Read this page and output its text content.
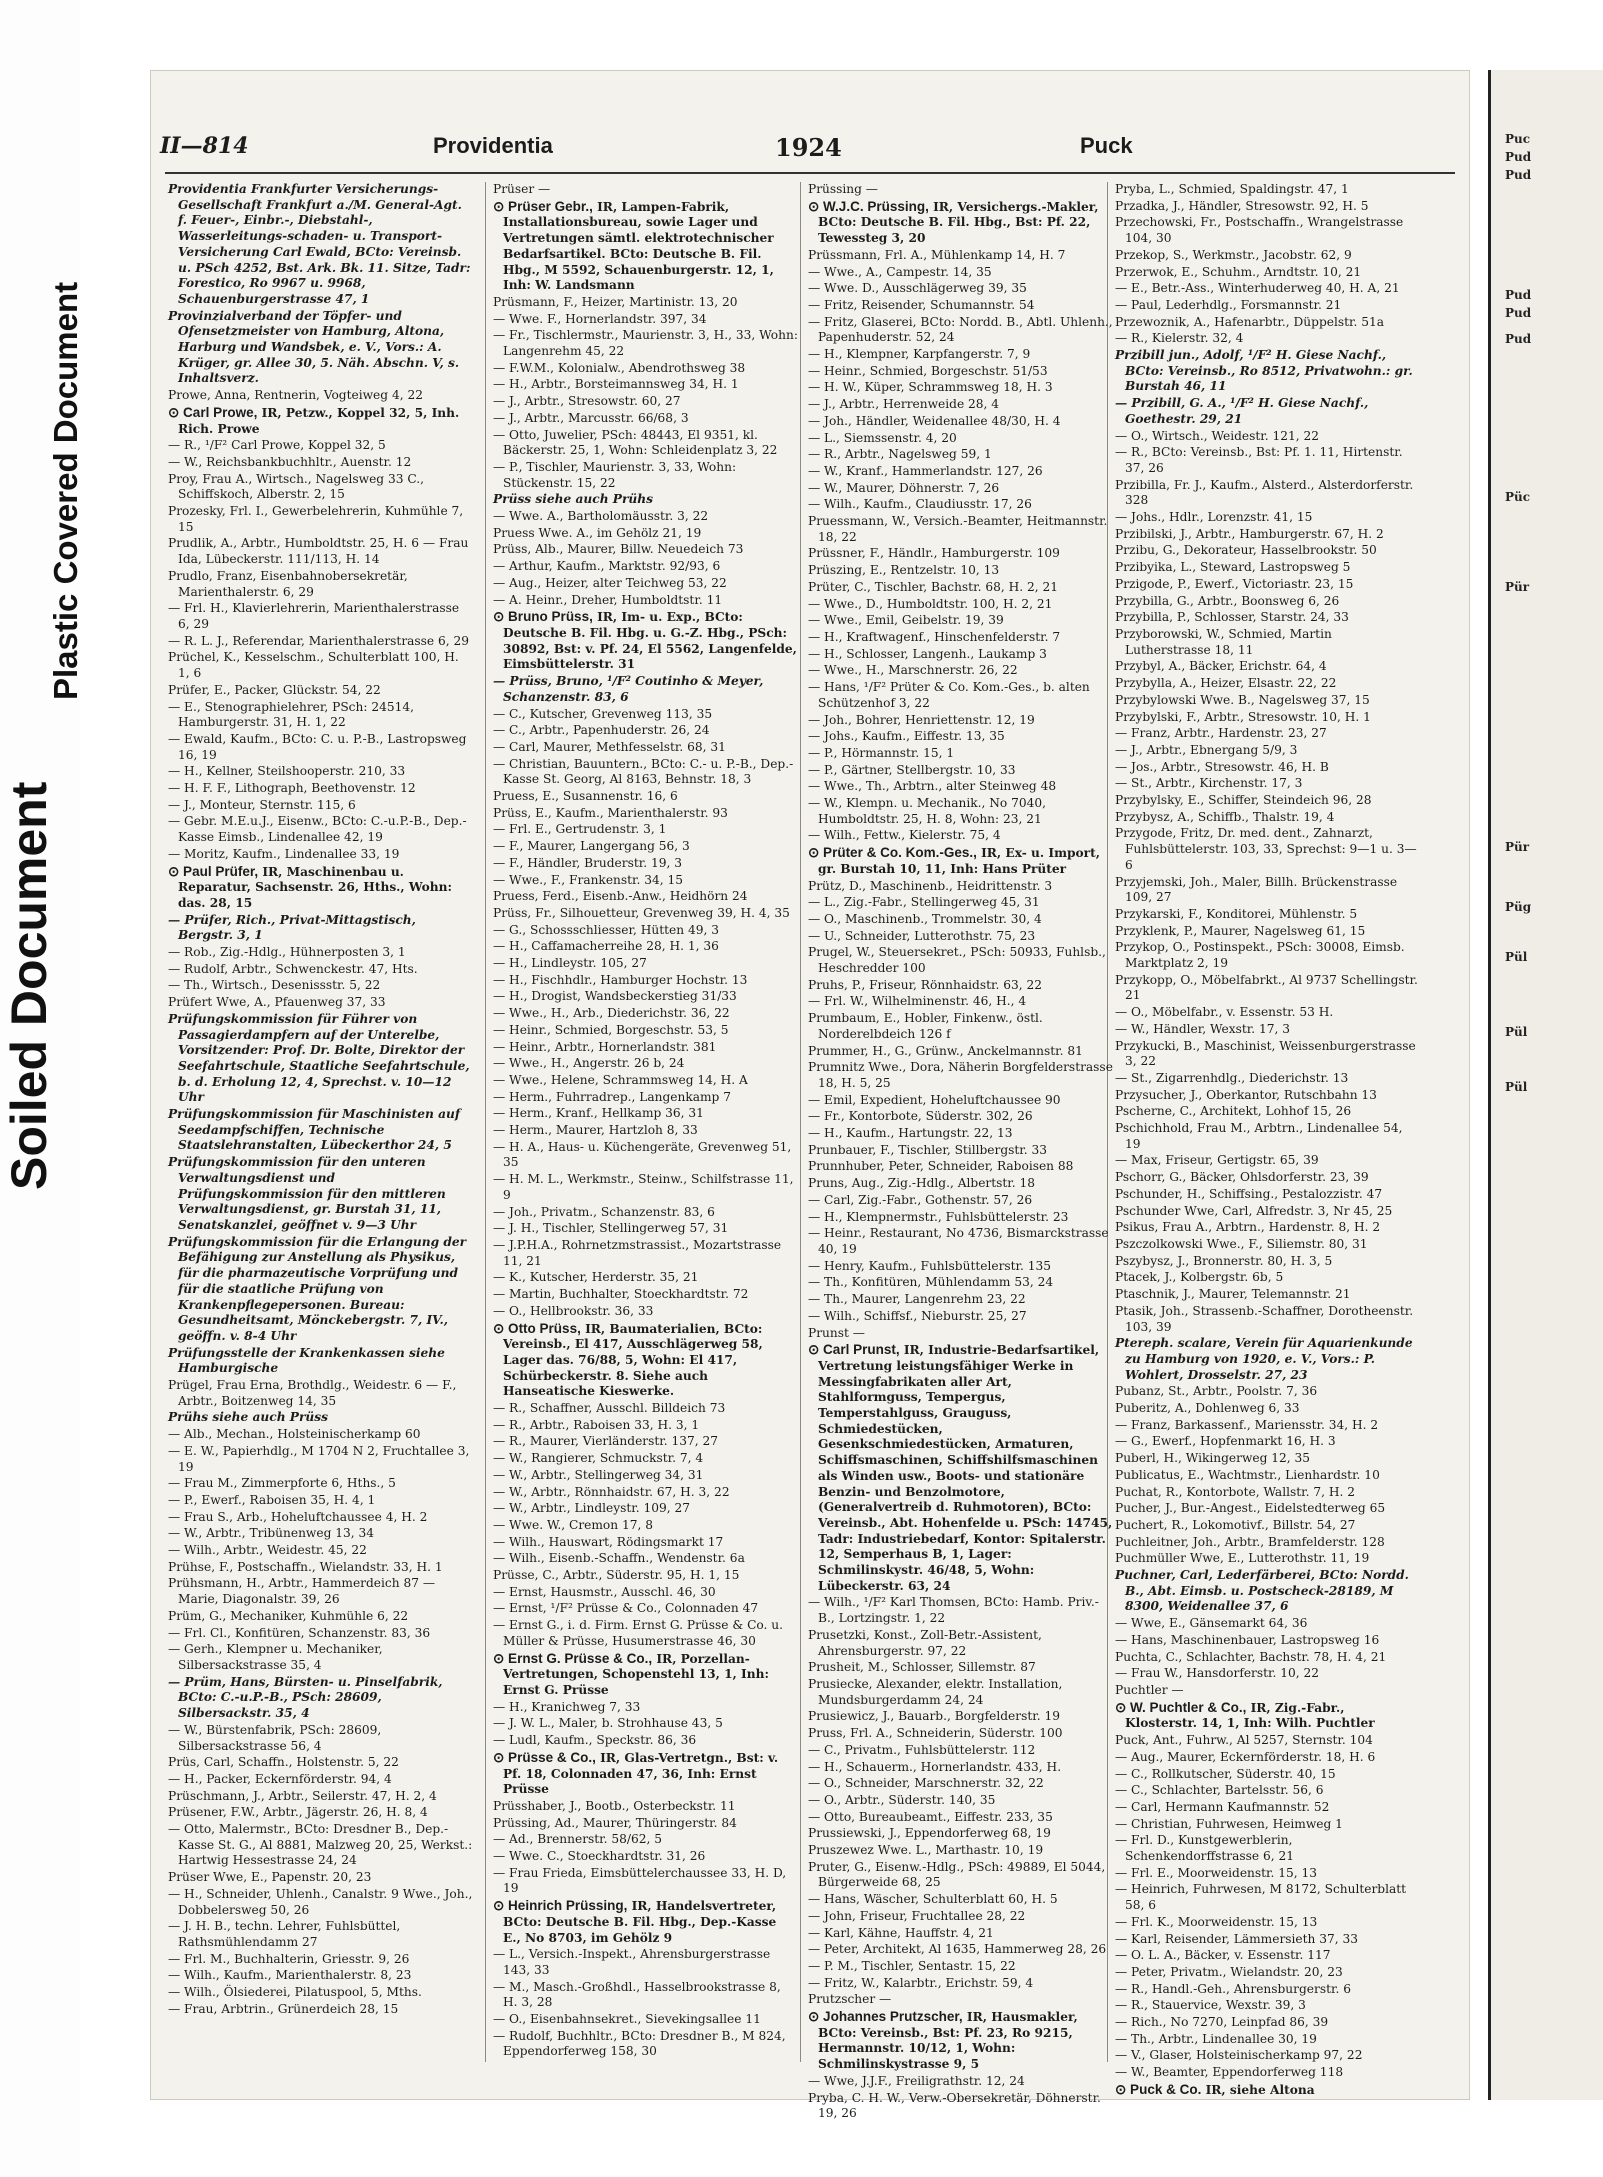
Soiled Document
Plastic Covered Document
Puc
Pud
Pud
Pud
Pud
Pud
Püc
Pür
Pür
Püg
Pül
Pül
Pül
II—814	Providentia	1924	Puck
Providentia Frankfurter Versicherungs-Gesellschaft Frankfurt a./M. General-Agt. f. Feuer-, Einbr.-, Diebstahl-, Wasserleitungs-schaden- u. Transport-Versicherung Carl Ewald, BCto: Vereinsb. u. PSch 4252, Bst. Ark. Bk. 11. Sitze, Tadr: Forestico, Ro 9967 u. 9968, Schauenburgerstrasse 47, 1
Provinzialverband der Töpfer- und Ofensetzmeister von Hamburg, Altona, Harburg und Wandsbek, e. V., Vors.: A. Krüger, gr. Allee 30, 5. Näh. Abschn. V, s. Inhaltsverz.
Prowe, Anna, Rentnerin, Vogteiweg 4, 22
⊙ Carl Prowe, IR, Petzw., Koppel 32, 5, Inh. Rich. Prowe
— R., ¹/F² Carl Prowe, Koppel 32, 5
— W., Reichsbankbuchhltr., Auenstr. 12
Proy, Frau A., Wirtsch., Nagelsweg 33 C., Schiffskoch, Alberstr. 2, 15
Prozesky, Frl. I., Gewerbelehrerin, Kuhmühle 7, 15
Prudlik, A., Arbtr., Humboldtstr. 25, H. 6 — Frau Ida, Lübeckerstr. 111/113, H. 14
Prudlo, Franz, Eisenbahnobersekretär, Marienthalerstr. 6, 29
— Frl. H., Klavierlehrerin, Marienthalerstrasse 6, 29
— R. L. J., Referendar, Marienthalerstrasse 6, 29
Prüchel, K., Kesselschm., Schulterblatt 100, H. 1, 6
Prüfer, E., Packer, Glückstr. 54, 22
— E., Stenographielehrer, PSch: 24514, Hamburgerstr. 31, H. 1, 22
— Ewald, Kaufm., BCto: C. u. P.-B., Lastropsweg 16, 19
— H., Kellner, Steilshooperstr. 210, 33
— H. F. F., Lithograph, Beethovenstr. 12
— J., Monteur, Sternstr. 115, 6
— Gebr. M.E.u.J., Eisenw., BCto: C.-u.P.-B., Dep.-Kasse Eimsb., Lindenallee 42, 19
— Moritz, Kaufm., Lindenallee 33, 19
⊙ Paul Prüfer, IR, Maschinenbau u. Reparatur, Sachsenstr. 26, Hths., Wohn: das. 28, 15
— Prüfer, Rich., Privat-Mittagstisch, Bergstr. 3, 1
— Rob., Zig.-Hdlg., Hühnerposten 3, 1
— Rudolf, Arbtr., Schwenckestr. 47, Hts.
— Th., Wirtsch., Desenissstr. 5, 22
Prüfert Wwe, A., Pfauenweg 37, 33
Prüfungskommission für Führer von Passagierdampfern auf der Unterelbe, Vorsitzender: Prof. Dr. Bolte, Direktor der Seefahrtschule, Staatliche Seefahrtschule, b. d. Erholung 12, 4, Sprechst. v. 10—12 Uhr
Prüfungskommission für Maschinisten auf Seedampfschiffen, Technische Staatslehranstalten, Lübeckerthor 24, 5
Prüfungskommission für den unteren Verwaltungsdienst und Prüfungskommission für den mittleren Verwaltungsdienst, gr. Burstah 31, 11, Senatskanzlei, geöffnet v. 9—3 Uhr
Prüfungskommission für die Erlangung der Befähigung zur Anstellung als Physikus, für die pharmazeutische Vorprüfung und für die staatliche Prüfung von Krankenpflegepersonen. Bureau: Gesundheitsamt, Mönckebergstr. 7, IV., geöffn. v. 8-4 Uhr
Prüfungsstelle der Krankenkassen siehe Hamburgische
Prügel, Frau Erna, Brothdlg., Weidestr. 6 — F., Arbtr., Boitzenweg 14, 35
Prühs siehe auch Prüss
— Alb., Mechan., Holsteinischerkamp 60
— E. W., Papierhdlg., M 1704 N 2, Fruchtallee 3, 19
— Frau M., Zimmerpforte 6, Hths., 5
— P., Ewerf., Raboisen 35, H. 4, 1
— Frau S., Arb., Hoheluftchaussee 4, H. 2
— W., Arbtr., Tribünenweg 13, 34
— Wilh., Arbtr., Weidestr. 45, 22
Prühse, F., Postschaffn., Wielandstr. 33, H. 1
Prühsmann, H., Arbtr., Hammerdeich 87 — Marie, Diagonalstr. 39, 26
Prüm, G., Mechaniker, Kuhmühle 6, 22
— Frl. Cl., Konfitüren, Schanzenstr. 83, 36
— Gerh., Klempner u. Mechaniker, Silbersackstrasse 35, 4
— Prüm, Hans, Bürsten- u. Pinselfabrik, BCto: C.-u.P.-B., PSch: 28609, Silbersackstr. 35, 4
— W., Bürstenfabrik, PSch: 28609, Silbersackstrasse 56, 4
Prüs, Carl, Schaffn., Holstenstr. 5, 22
— H., Packer, Eckernförderstr. 94, 4
Prüschmann, J., Arbtr., Seilerstr. 47, H. 2, 4
Prüsener, F.W., Arbtr., Jägerstr. 26, H. 8, 4
— Otto, Malermstr., BCto: Dresdner B., Dep.-Kasse St. G., Al 8881, Malzweg 20, 25, Werkst.: Hartwig Hessestrasse 24, 24
Prüser Wwe, E., Papenstr. 20, 23
— H., Schneider, Uhlenh., Canalstr. 9 Wwe., Joh., Dobbelersweg 50, 26
— J. H. B., techn. Lehrer, Fuhlsbüttel, Rathsmühlendamm 27
— Frl. M., Buchhalterin, Griesstr. 9, 26
— Wilh., Kaufm., Marienthalerstr. 8, 23
— Wilh., Ölsiederei, Pilatuspool, 5, Mths.
— Frau, Arbtrin., Grünerdeich 28, 15
Prüser —
⊙ Prüser Gebr., IR, Lampen-Fabrik, Installationsbureau, sowie Lager und Vertretungen sämtl. elektrotechnischer Bedarfsartikel. BCto: Deutsche B. Fil. Hbg., M 5592, Schauenburgerstr. 12, 1, Inh: W. Landsmann
Prüsmann, F., Heizer, Martinistr. 13, 20
— Wwe. F., Hornerlandstr. 397, 34
— Fr., Tischlermstr., Maurienstr. 3, H., 33, Wohn: Langenrehm 45, 22
— F.W.M., Kolonialw., Abendrothsweg 38
— H., Arbtr., Borsteimannsweg 34, H. 1
— J., Arbtr., Stresowstr. 60, 27
— J., Arbtr., Marcusstr. 66/68, 3
— Otto, Juwelier, PSch: 48443, El 9351, kl. Bäckerstr. 25, 1, Wohn: Schleidenplatz 3, 22
— P., Tischler, Maurienstr. 3, 33, Wohn: Stückenstr. 15, 22
Prüss siehe auch Prühs
— Wwe. A., Bartholomäusstr. 3, 22
Pruess Wwe. A., im Gehölz 21, 19
Prüss, Alb., Maurer, Billw. Neuedeich 73
— Arthur, Kaufm., Marktstr. 92/93, 6
— Aug., Heizer, alter Teichweg 53, 22
— A. Heinr., Dreher, Humboldtstr. 11
⊙ Bruno Prüss, IR, Im- u. Exp., BCto: Deutsche B. Fil. Hbg. u. G.-Z. Hbg., PSch: 30892, Bst: v. Pf. 24, El 5562, Langenfelde, Eimsbüttelerstr. 31
— Prüss, Bruno, ¹/F² Coutinho & Meyer, Schanzenstr. 83, 6
— C., Kutscher, Grevenweg 113, 35
— C., Arbtr., Papenhuderstr. 26, 24
— Carl, Maurer, Methfesselstr. 68, 31
— Christian, Bauuntern., BCto: C.- u. P.-B., Dep.-Kasse St. Georg, Al 8163, Behnstr. 18, 3
Pruess, E., Susannenstr. 16, 6
Prüss, E., Kaufm., Marienthalerstr. 93
— Frl. E., Gertrudenstr. 3, 1
— F., Maurer, Langergang 56, 3
— F., Händler, Bruderstr. 19, 3
— Wwe., F., Frankenstr. 34, 15
Pruess, Ferd., Eisenb.-Anw., Heidhörn 24
Prüss, Fr., Silhouetteur, Grevenweg 39, H. 4, 35
— G., Schossschliesser, Hütten 49, 3
— H., Caffamacherreihe 28, H. 1, 36
— H., Lindleystr. 105, 27
— H., Fischhdlr., Hamburger Hochstr. 13
— H., Drogist, Wandsbeckerstieg 31/33
— Wwe., H., Arb., Diederichstr. 36, 22
— Heinr., Schmied, Borgeschstr. 53, 5
— Heinr., Arbtr., Hornerlandstr. 381
— Wwe., H., Angerstr. 26 b, 24
— Wwe., Helene, Schrammsweg 14, H. A
— Herm., Fuhrradrep., Langenkamp 7
— Herm., Kranf., Hellkamp 36, 31
— Herm., Maurer, Hartzloh 8, 33
— H. A., Haus- u. Küchengeräte, Grevenweg 51, 35
— H. M. L., Werkmstr., Steinw., Schilfstrasse 11, 9
— Joh., Privatm., Schanzenstr. 83, 6
— J. H., Tischler, Stellingerweg 57, 31
— J.P.H.A., Rohrnetzmstrassist., Mozartstrasse 11, 21
— K., Kutscher, Herderstr. 35, 21
— Martin, Buchhalter, Stoeckhardtstr. 72
— O., Hellbrookstr. 36, 33
⊙ Otto Prüss, IR, Baumaterialien, BCto: Vereinsb., El 417, Ausschlägerweg 58, Lager das. 76/88, 5, Wohn: El 417, Schürbeckerstr. 8. Siehe auch Hanseatische Kieswerke.
— R., Schaffner, Ausschl. Billdeich 73
— R., Arbtr., Raboisen 33, H. 3, 1
— R., Maurer, Vierländerstr. 137, 27
— W., Rangierer, Schmuckstr. 7, 4
— W., Arbtr., Stellingerweg 34, 31
— W., Arbtr., Rönnhaidstr. 67, H. 3, 22
— W., Arbtr., Lindleystr. 109, 27
— Wwe. W., Cremon 17, 8
— Wilh., Hauswart, Rödingsmarkt 17
— Wilh., Eisenb.-Schaffn., Wendenstr. 6a
Prüsse, C., Arbtr., Süderstr. 95, H. 1, 15
— Ernst, Hausmstr., Ausschl. 46, 30
— Ernst, ¹/F² Prüsse & Co., Colonnaden 47
— Ernst G., i. d. Firm. Ernst G. Prüsse & Co. u. Müller & Prüsse, Husumerstrasse 46, 30
⊙ Ernst G. Prüsse & Co., IR, Porzellan-Vertretungen, Schopenstehl 13, 1, Inh: Ernst G. Prüsse
— H., Kranichweg 7, 33
— J. W. L., Maler, b. Strohhause 43, 5
— Ludl, Kaufm., Speckstr. 86, 36
⊙ Prüsse & Co., IR, Glas-Vertretgn., Bst: v. Pf. 18, Colonnaden 47, 36, Inh: Ernst Prüsse
Prüsshaber, J., Bootb., Osterbeckstr. 11
Prüssing, Ad., Maurer, Thüringerstr. 84
— Ad., Brennerstr. 58/62, 5
— Wwe. C., Stoeckhardtstr. 31, 26
— Frau Frieda, Eimsbüttelerchaussee 33, H. D, 19
⊙ Heinrich Prüssing, IR, Handelsvertreter, BCto: Deutsche B. Fil. Hbg., Dep.-Kasse E., No 8703, im Gehölz 9
— L., Versich.-Inspekt., Ahrensburgerstrasse 143, 33
— M., Masch.-Großhdl., Hasselbrookstrasse 8, H. 3, 28
— O., Eisenbahnsekret., Sievekingsallee 11
— Rudolf, Buchhltr., BCto: Dresdner B., M 824, Eppendorferweg 158, 30
Prüssing —
⊙ W.J.C. Prüssing, IR, Versichergs.-Makler, BCto: Deutsche B. Fil. Hbg., Bst: Pf. 22, Tewessteg 3, 20
Prüssmann, Frl. A., Mühlenkamp 14, H. 7
— Wwe., A., Campestr. 14, 35
— Wwe. D., Ausschlägerweg 39, 35
— Fritz, Reisender, Schumannstr. 54
— Fritz, Glaserei, BCto: Nordd. B., Abtl. Uhlenh., Papenhuderstr. 52, 24
— H., Klempner, Karpfangerstr. 7, 9
— Heinr., Schmied, Borgeschstr. 51/53
— H. W., Küper, Schrammsweg 18, H. 3
— J., Arbtr., Herrenweide 28, 4
— Joh., Händler, Weidenallee 48/30, H. 4
— L., Siemssenstr. 4, 20
— R., Arbtr., Nagelsweg 59, 1
— W., Kranf., Hammerlandstr. 127, 26
— W., Maurer, Döhnerstr. 7, 26
— Wilh., Kaufm., Claudiusstr. 17, 26
Pruessmann, W., Versich.-Beamter, Heitmannstr. 18, 22
Prüssner, F., Händlr., Hamburgerstr. 109
Prüszing, E., Rentzelstr. 10, 13
Prüter, C., Tischler, Bachstr. 68, H. 2, 21
— Wwe., D., Humboldtstr. 100, H. 2, 21
— Wwe., Emil, Geibelstr. 19, 39
— H., Kraftwagenf., Hinschenfelderstr. 7
— H., Schlosser, Langenh., Laukamp 3
— Wwe., H., Marschnerstr. 26, 22
— Hans, ¹/F² Prüter & Co. Kom.-Ges., b. alten Schützenhof 3, 22
— Joh., Bohrer, Henriettenstr. 12, 19
— Johs., Kaufm., Eiffestr. 13, 35
— P., Hörmannstr. 15, 1
— P., Gärtner, Stellbergstr. 10, 33
— Wwe., Th., Arbtrn., alter Steinweg 48
— W., Klempn. u. Mechanik., No 7040, Humboldtstr. 25, H. 8, Wohn: 23, 21
— Wilh., Fettw., Kielerstr. 75, 4
⊙ Prüter & Co. Kom.-Ges., IR, Ex- u. Import, gr. Burstah 10, 11, Inh: Hans Prüter
Prütz, D., Maschinenb., Heidrittenstr. 3
— L., Zig.-Fabr., Stellingerweg 45, 31
— O., Maschinenb., Trommelstr. 30, 4
— U., Schneider, Lutterothstr. 75, 23
Prugel, W., Steuersekret., PSch: 50933, Fuhlsb., Heschredder 100
Pruhs, P., Friseur, Rönnhaidstr. 63, 22
— Frl. W., Wilhelminenstr. 46, H., 4
Prumbaum, E., Hobler, Finkenw., östl. Norderelbdeich 126 f
Prummer, H., G., Grünw., Anckelmannstr. 81
Prumnitz Wwe., Dora, Näherin Borgfelderstrasse 18, H. 5, 25
— Emil, Expedient, Hoheluftchaussee 90
— Fr., Kontorbote, Süderstr. 302, 26
— H., Kaufm., Hartungstr. 22, 13
Prunbauer, F., Tischler, Stillbergstr. 33
Prunnhuber, Peter, Schneider, Raboisen 88
Pruns, Aug., Zig.-Hdlg., Albertstr. 18
— Carl, Zig.-Fabr., Gothenstr. 57, 26
— H., Klempnermstr., Fuhlsbüttelerstr. 23
— Heinr., Restaurant, No 4736, Bismarckstrasse 40, 19
— Henry, Kaufm., Fuhlsbüttelerstr. 135
— Th., Konfitüren, Mühlendamm 53, 24
— Th., Maurer, Langenrehm 23, 22
— Wilh., Schiffsf., Nieburstr. 25, 27
Prunst —
⊙ Carl Prunst, IR, Industrie-Bedarfsartikel, Vertretung leistungsfähiger Werke in Messingfabrikaten aller Art, Stahlformguss, Tempergus, Temperstahlguss, Grauguss, Schmiedestücken, Gesenkschmiedestücken, Armaturen, Schiffsmaschinen, Schiffshilfsmaschinen als Winden usw., Boots- und stationäre Benzin- und Benzolmotore, (Generalvertreib d. Ruhmotoren), BCto: Vereinsb., Abt. Hohenfelde u. PSch: 14745, Tadr: Industriebedarf, Kontor: Spitalerstr. 12, Semperhaus B, 1, Lager: Schmilinskystr. 46/48, 5, Wohn: Lübeckerstr. 63, 24
— Wilh., ¹/F² Karl Thomsen, BCto: Hamb. Priv.-B., Lortzingstr. 1, 22
Prusetzki, Konst., Zoll-Betr.-Assistent, Ahrensburgerstr. 97, 22
Prusheit, M., Schlosser, Sillemstr. 87
Prusiecke, Alexander, elektr. Installation, Mundsburgerdamm 24, 24
Prusiewicz, J., Bauarb., Borgfelderstr. 19
Pruss, Frl. A., Schneiderin, Süderstr. 100
— C., Privatm., Fuhlsbüttelerstr. 112
— H., Schauerm., Hornerlandstr. 433, H.
— O., Schneider, Marschnerstr. 32, 22
— O., Arbtr., Süderstr. 140, 35
— Otto, Bureaubeamt., Eiffestr. 233, 35
Prussiewski, J., Eppendorferweg 68, 19
Pruszewez Wwe. L., Marthastr. 10, 19
Pruter, G., Eisenw.-Hdlg., PSch: 49889, El 5044, Bürgerweide 68, 25
— Hans, Wäscher, Schulterblatt 60, H. 5
— John, Friseur, Fruchtallee 28, 22
— Karl, Kähne, Hauffstr. 4, 21
— Peter, Architekt, Al 1635, Hammerweg 28, 26
— P. M., Tischler, Sentastr. 15, 22
— Fritz, W., Kalarbtr., Erichstr. 59, 4
Prutzscher —
⊙ Johannes Prutzscher, IR, Hausmakler, BCto: Vereinsb., Bst: Pf. 23, Ro 9215, Hermannstr. 10/12, 1, Wohn: Schmilinskystrasse 9, 5
— Wwe, J.J.F., Freiligrathstr. 12, 24
Pryba, C. H. W., Verw.-Obersekretär, Döhnerstr. 19, 26
Pryba, L., Schmied, Spaldingstr. 47, 1
Przadka, J., Händler, Stresowstr. 92, H. 5
Przechowski, Fr., Postschaffn., Wrangelstrasse 104, 30
Przekop, S., Werkmstr., Jacobstr. 62, 9
Przerwok, E., Schuhm., Arndtstr. 10, 21
— E., Betr.-Ass., Winterhuderweg 40, H. A, 21
— Paul, Lederhdlg., Forsmannstr. 21
Przewoznik, A., Hafenarbtr., Düppelstr. 51a
— R., Kielerstr. 32, 4
Przibill jun., Adolf, ¹/F² H. Giese Nachf., BCto: Vereinsb., Ro 8512, Privatwohn.: gr. Burstah 46, 11
— Przibill, G. A., ¹/F² H. Giese Nachf., Goethestr. 29, 21
— O., Wirtsch., Weidestr. 121, 22
— R., BCto: Vereinsb., Bst: Pf. 1. 11, Hirtenstr. 37, 26
Przibilla, Fr. J., Kaufm., Alsterd., Alsterdorferstr. 328
— Johs., Hdlr., Lorenzstr. 41, 15
Przibilski, J., Arbtr., Hamburgerstr. 67, H. 2
Przibu, G., Dekorateur, Hasselbrookstr. 50
Przibyika, L., Steward, Lastropsweg 5
Przigode, P., Ewerf., Victoriastr. 23, 15
Przybilla, G., Arbtr., Boonsweg 6, 26
Przybilla, P., Schlosser, Starstr. 24, 33
Przyborowski, W., Schmied, Martin Lutherstrasse 18, 11
Przybyl, A., Bäcker, Erichstr. 64, 4
Przybylla, A., Heizer, Elsastr. 22, 22
Przybylowski Wwe. B., Nagelsweg 37, 15
Przybylski, F., Arbtr., Stresowstr. 10, H. 1
— Franz, Arbtr., Hardenstr. 23, 27
— J., Arbtr., Ebnergang 5/9, 3
— Jos., Arbtr., Stresowstr. 46, H. B
— St., Arbtr., Kirchenstr. 17, 3
Przybylsky, E., Schiffer, Steindeich 96, 28
Przybysz, A., Schiffb., Thalstr. 19, 4
Przygode, Fritz, Dr. med. dent., Zahnarzt, Fuhlsbüttelerstr. 103, 33, Sprechst: 9—1 u. 3—6
Przyjemski, Joh., Maler, Billh. Brückenstrasse 109, 27
Przykarski, F., Konditorei, Mühlenstr. 5
Przyklenk, P., Maurer, Nagelsweg 61, 15
Przykop, O., Postinspekt., PSch: 30008, Eimsb. Marktplatz 2, 19
Przykopp, O., Möbelfabrkt., Al 9737 Schellingstr. 21
— O., Möbelfabr., v. Essenstr. 53 H.
— W., Händler, Wexstr. 17, 3
Przykucki, B., Maschinist, Weissenburgerstrasse 3, 22
— St., Zigarrenhdlg., Diederichstr. 13
Przysucher, J., Oberkantor, Rutschbahn 13
Pscherne, C., Architekt, Lohhof 15, 26
Pschichhold, Frau M., Arbtrn., Lindenallee 54, 19
— Max, Friseur, Gertigstr. 65, 39
Pschorr, G., Bäcker, Ohlsdorferstr. 23, 39
Pschunder, H., Schiffsing., Pestalozzistr. 47
Pschunder Wwe, Carl, Alfredstr. 3, Nr 45, 25
Psikus, Frau A., Arbtrn., Hardenstr. 8, H. 2
Pszczolkowski Wwe., F., Siliemstr. 80, 31
Pszybysz, J., Bronnerstr. 80, H. 3, 5
Ptacek, J., Kolbergstr. 6b, 5
Ptaschnik, J., Maurer, Telemannstr. 21
Ptasik, Joh., Strassenb.-Schaffner, Dorotheenstr. 103, 39
Ptereph. scalare, Verein für Aquarienkunde zu Hamburg von 1920, e. V., Vors.: P. Wohlert, Drosselstr. 27, 23
Pubanz, St., Arbtr., Poolstr. 7, 36
Puberitz, A., Dohlenweg 6, 33
— Franz, Barkassenf., Mariensstr. 34, H. 2
— G., Ewerf., Hopfenmarkt 16, H. 3
Puberl, H., Wikingerweg 12, 35
Publicatus, E., Wachtmstr., Lienhardstr. 10
Puchat, R., Kontorbote, Wallstr. 7, H. 2
Pucher, J., Bur.-Angest., Eidelstedterweg 65
Puchert, R., Lokomotivf., Billstr. 54, 27
Puchleitner, Joh., Arbtr., Bramfelderstr. 128
Puchmüller Wwe, E., Lutterothstr. 11, 19
Puchner, Carl, Lederfärberei, BCto: Nordd. B., Abt. Eimsb. u. Postscheck-28189, M 8300, Weidenallee 37, 6
— Wwe, E., Gänsemarkt 64, 36
— Hans, Maschinenbauer, Lastropsweg 16
Puchta, C., Schlachter, Bachstr. 78, H. 4, 21
— Frau W., Hansdorferstr. 10, 22
Puchtler —
⊙ W. Puchtler & Co., IR, Zig.-Fabr., Klosterstr. 14, 1, Inh: Wilh. Puchtler
Puck, Ant., Fuhrw., Al 5257, Sternstr. 104
— Aug., Maurer, Eckernförderstr. 18, H. 6
— C., Rollkutscher, Süderstr. 40, 15
— C., Schlachter, Bartelsstr. 56, 6
— Carl, Hermann Kaufmannstr. 52
— Christian, Fuhrwesen, Heimweg 1
— Frl. D., Kunstgewerblerin, Schenkendorffstrasse 6, 21
— Frl. E., Moorweidenstr. 15, 13
— Heinrich, Fuhrwesen, M 8172, Schulterblatt 58, 6
— Frl. K., Moorweidenstr. 15, 13
— Karl, Reisender, Lämmersieth 37, 33
— O. L. A., Bäcker, v. Essenstr. 117
— Peter, Privatm., Wielandstr. 20, 23
— R., Handl.-Geh., Ahrensburgerstr. 6
— R., Stauervice, Wexstr. 39, 3
— Rich., No 7270, Leinpfad 86, 39
— Th., Arbtr., Lindenallee 30, 19
— V., Glaser, Holsteinischerkamp 97, 22
— W., Beamter, Eppendorferweg 118
⊙ Puck & Co. IR, siehe Altona
